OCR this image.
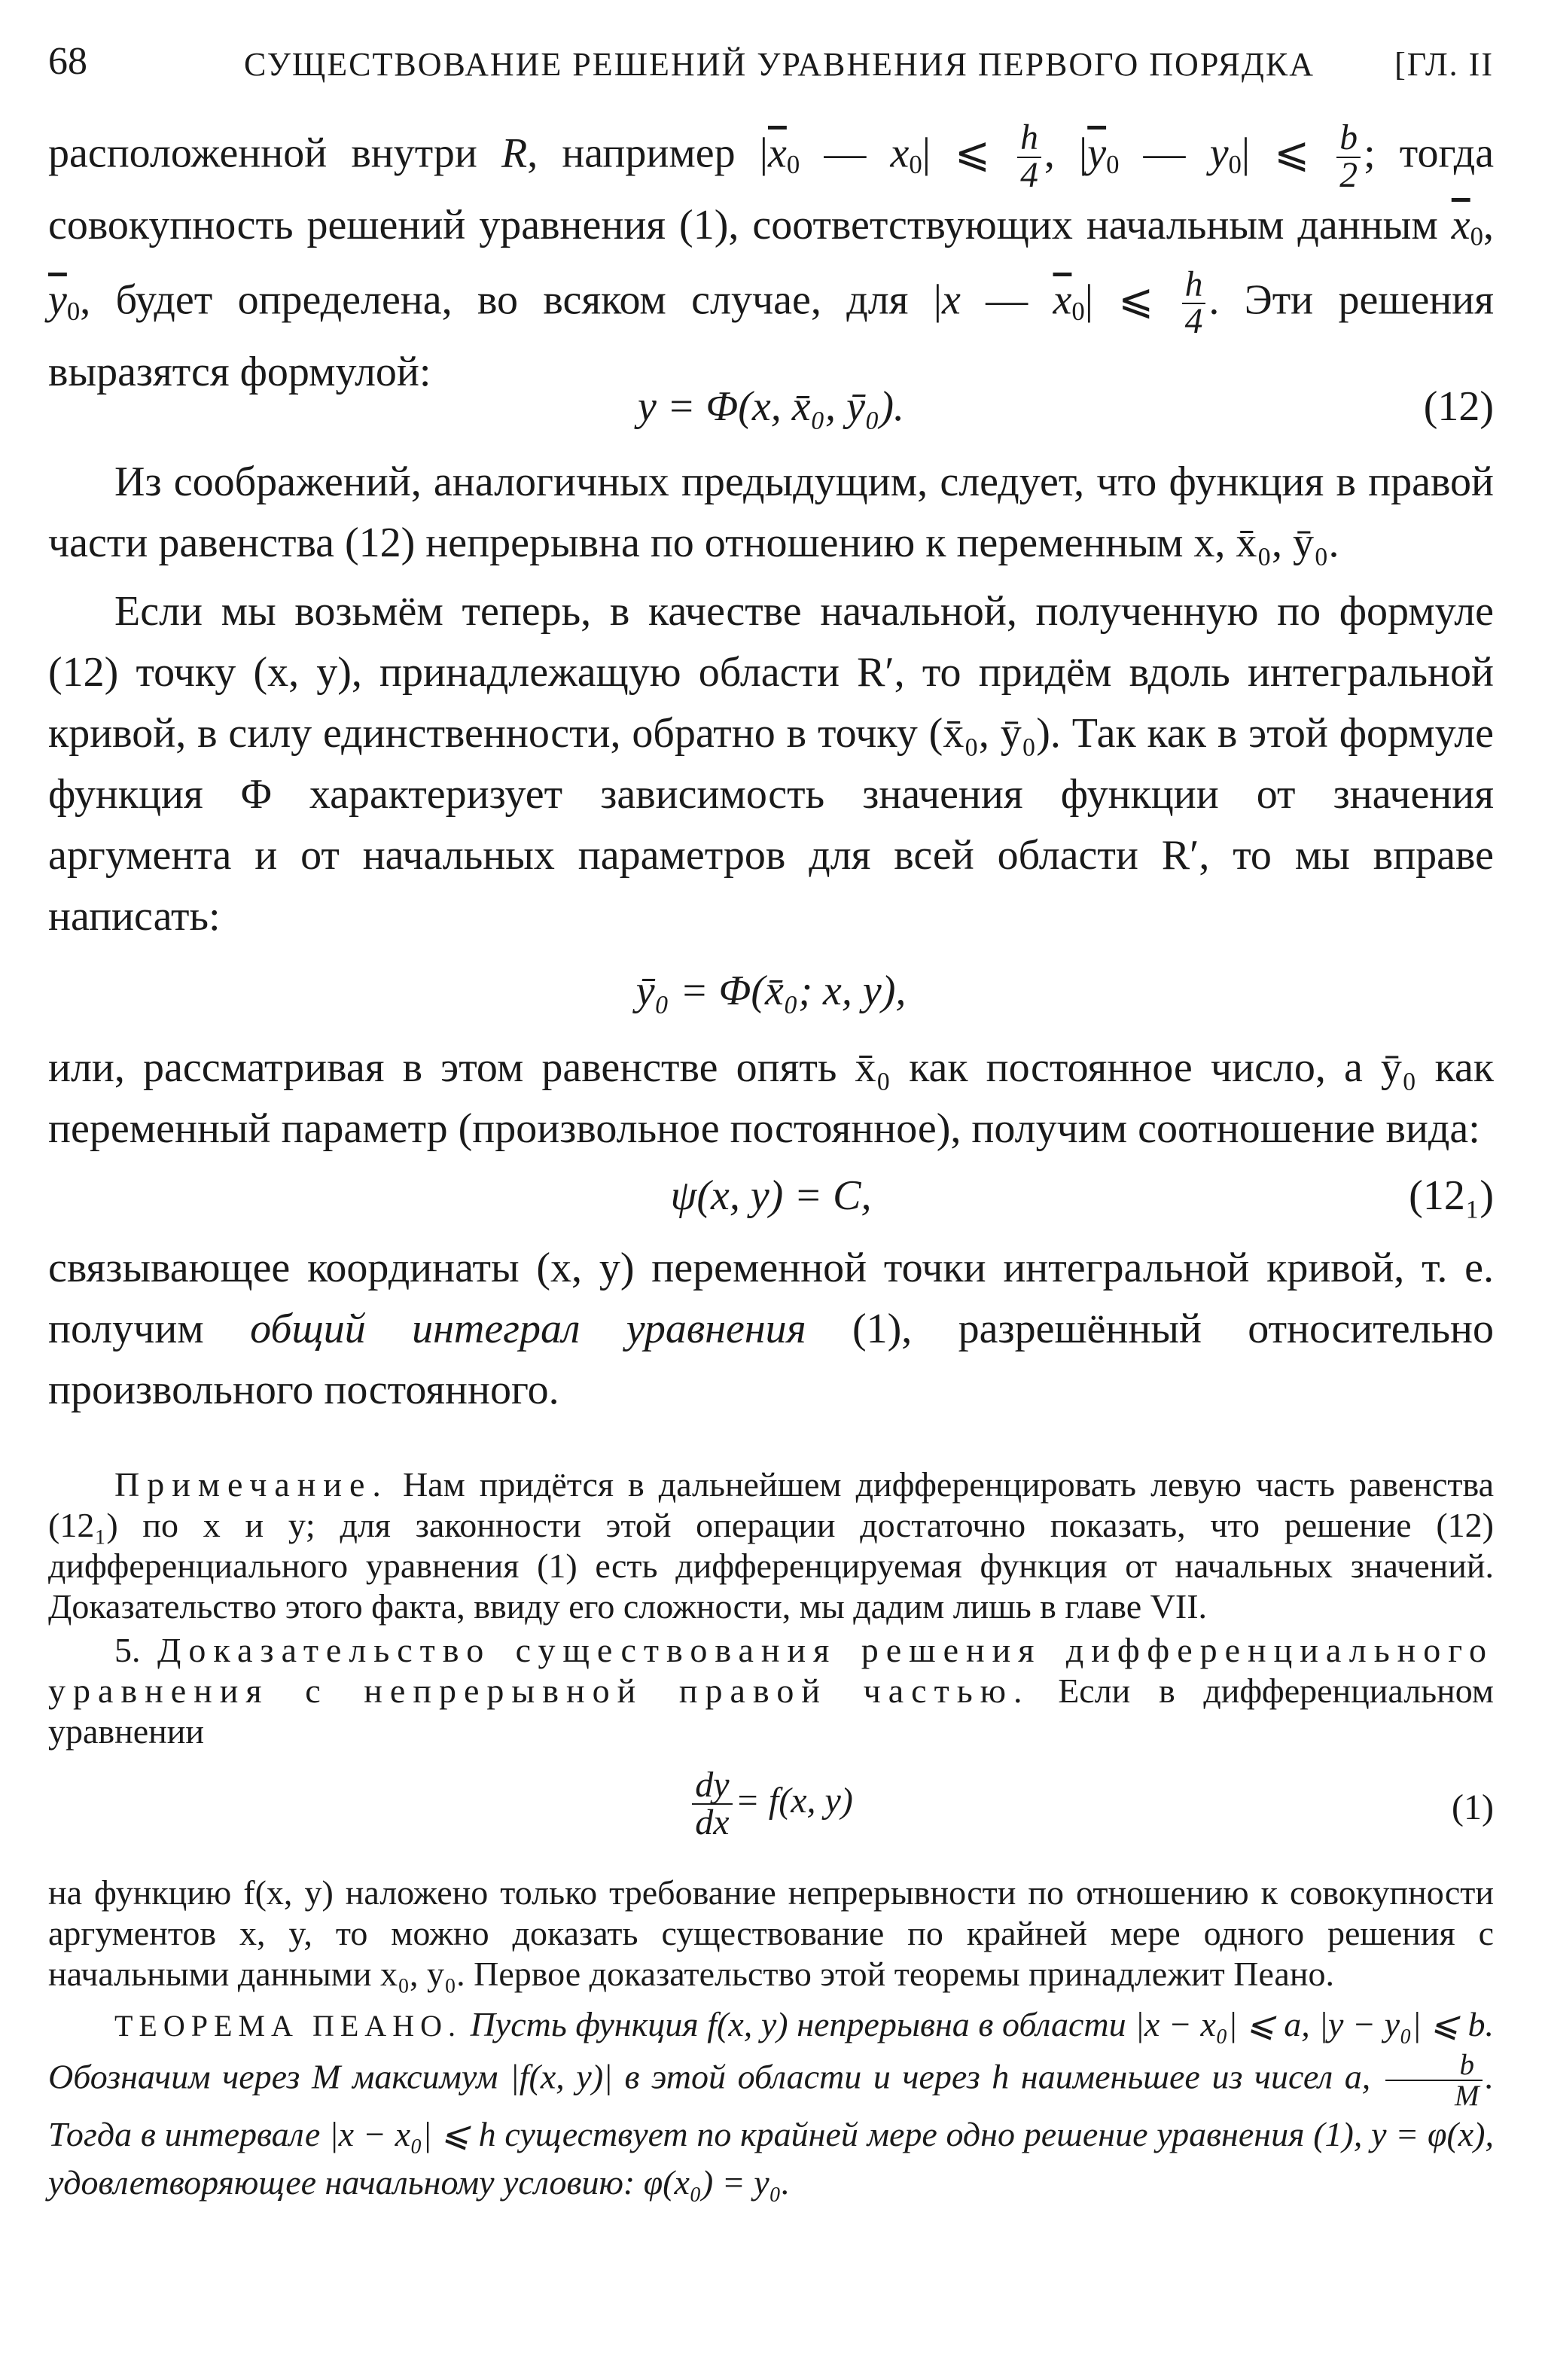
68	СУЩЕСТВОВАНИЕ РЕШЕНИЙ УРАВНЕНИЯ ПЕРВОГО ПОРЯДКА [ГЛ. II

расположенной внутри R, например $|\overline{x}_0$ — $x_0|$ ⩽ $\frac{h}{4}$ , $|\overline{y}_0$ — $y_0|$ ⩽ $\frac{b}{2}$ ; тогда совокупность решений уравнения (1), соответствующих начальным данным $\overline{x}_0$, $\overline{y}_0$, будет определена, во всяком случае, для |x — $\overline{x}_0|$ ⩽ $\frac{h}{4}$ . Эти решения выразятся формулой:

y = Φ(x, x̄₀, ȳ₀).	(12)

Из соображений, аналогичных предыдущим, следует, что функция в правой части равенства (12) непрерывна по отношению к переменным x, x̄₀, ȳ₀.

Если мы возьмём теперь, в качестве начальной, полученную по формуле (12) точку (x, y), принадлежащую области R′, то придём вдоль интегральной кривой, в силу единственности, обратно в точку (x̄₀, ȳ₀). Так как в этой формуле функция Φ характеризует зависимость значения функции от значения аргумента и от начальных параметров для всей области R′, то мы вправе написать:

ȳ₀ = Φ(x̄₀; x, y),

или, рассматривая в этом равенстве опять x̄₀ как постоянное число, а ȳ₀ как переменный параметр (произвольное постоянное), получим соотношение вида:

ψ(x, y) = C,	(12₁)

связывающее координаты (x, y) переменной точки интегральной кривой, т. е. получим общий интеграл уравнения (1), разрешённый относительно произвольного постоянного.

Примечание. Нам придётся в дальнейшем дифференцировать левую часть равенства (12₁) по x и y; для законности этой операции достаточно показать, что решение (12) дифференциального уравнения (1) есть дифференцируемая функция от начальных значений. Доказательство этого факта, ввиду его сложности, мы дадим лишь в главе VII.

5. Доказательство существования решения дифференциального уравнения с непрерывной правой частью. Если в дифференциальном уравнении

$\frac{dy}{dx} = f(x$, y)	(1)

на функцию f(x, y) наложено только требование непрерывности по отношению к совокупности аргументов x, y, то можно доказать существование по крайней мере одного решения с начальными данными x₀, y₀. Первое доказательство этой теоремы принадлежит Пеано.

ТЕОРЕМА ПЕАНО. Пусть функция f(x, y) непрерывна в области |x − x₀| ⩽ a, |y − y₀| ⩽ b. Обозначим через M максимум |f(x, y)| в этой области и через h наименьшее из чисел a, $\frac{b}{M}$ . Тогда в интервале |x − x₀| ⩽ h существует по крайней мере одно решение уравнения (1), y = φ(x), удовлетворяющее начальному условию: φ(x₀) = y₀.
